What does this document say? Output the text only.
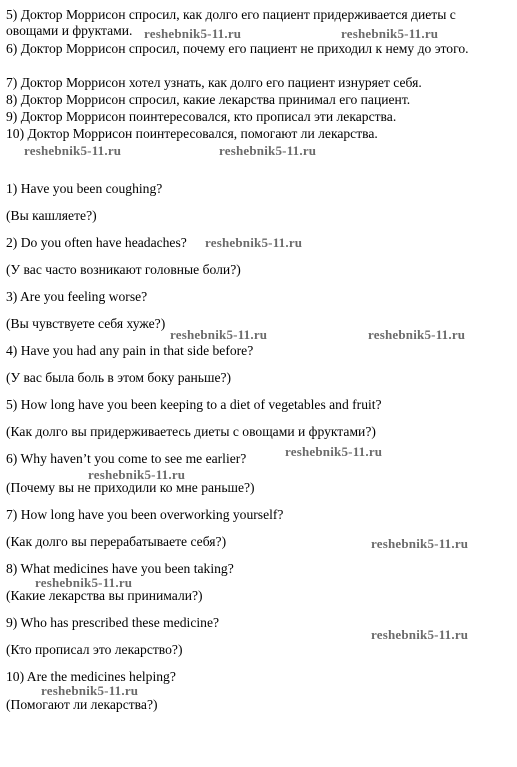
5) Доктор Моррисон спросил, как долго его пациент придерживается диеты с овощами и фруктами.
6) Доктор Моррисон спросил, почему его пациент не приходил к нему до этого.
7) Доктор Моррисон хотел узнать, как долго его пациент изнуряет себя.
8) Доктор Моррисон спросил, какие лекарства принимал его пациент.
9) Доктор Моррисон поинтересовался, кто прописал эти лекарства.
10) Доктор Моррисон поинтересовался, помогают ли лекарства.
1) Have you been coughing?
(Вы кашляете?)
2) Do you often have headaches?
(У вас часто возникают головные боли?)
3) Are you feeling worse?
(Вы чувствуете себя хуже?)
4) Have you had any pain in that side before?
(У вас была боль в этом боку раньше?)
5) How long have you been keeping to a diet of vegetables and fruit?
(Как долго вы придерживаетесь диеты с овощами и фруктами?)
6) Why haven’t you come to see me earlier?
(Почему вы не приходили ко мне раньше?)
7) How long have you been overworking yourself?
(Как долго вы перерабатываете себя?)
8) What medicines have you been taking?
(Какие лекарства вы принимали?)
9) Who has prescribed these medicine?
(Кто прописал это лекарство?)
10) Are the medicines helping?
(Помогают ли лекарства?)
reshebnik5-11.ru	reshebnik5-11.ru
reshebnik5-11.ru	reshebnik5-11.ru
reshebnik5-11.ru
reshebnik5-11.ru	reshebnik5-11.ru
reshebnik5-11.ru
reshebnik5-11.ru
reshebnik5-11.ru
reshebnik5-11.ru
reshebnik5-11.ru
reshebnik5-11.ru
